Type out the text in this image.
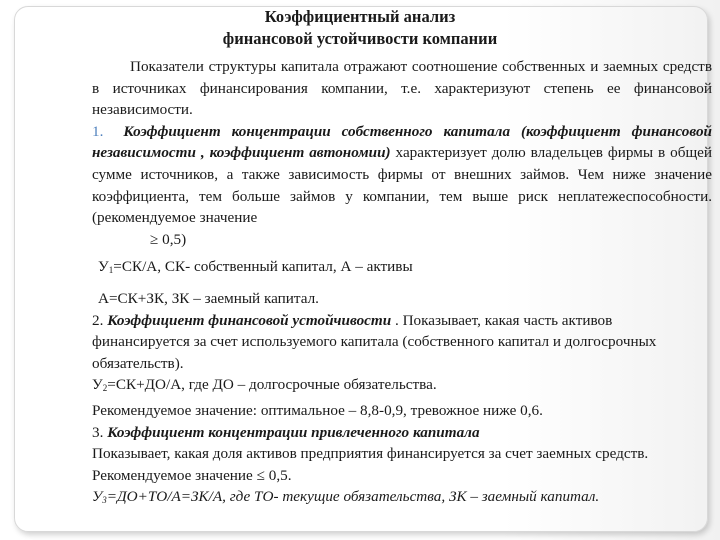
Коэффициентный анализ
финансовой устойчивости компании

Показатели структуры капитала отражают соотношение собственных и заемных средств в источниках финансирования компании, т.е. характеризуют степень ее финансовой независимости.

1. Коэффициент концентрации собственного капитала (коэффициент финансовой независимости , коэффициент автономии) характеризует долю владельцев фирмы в общей сумме источников, а также зависимость фирмы от внешних займов. Чем ниже значение коэффициента, тем больше займов у компании, тем выше риск неплатежеспособности. (рекомендуемое значение

≥ 0,5)

$У_1=СК/А$, СК- собственный капитал, А – активы

А=СК+ЗК, ЗК – заемный капитал.

2. Коэффициент финансовой устойчивости . Показывает, какая часть активов финансируется за счет используемого капитала (собственного капитал и долгосрочных обязательств).

$У_2=СК+ДО/А$, где ДО – долгосрочные обязательства.

Рекомендуемое значение: оптимальное – 8,8-0,9, тревожное ниже 0,6.

3. Коэффициент концентрации привлеченного капитала

Показывает, какая доля активов предприятия финансируется за счет заемных средств. Рекомендуемое значение ≤ 0,5.

$У_3=ДО+ТО/А=ЗК/А$, где ТО- текущие обязательства, ЗК – заемный капитал.
